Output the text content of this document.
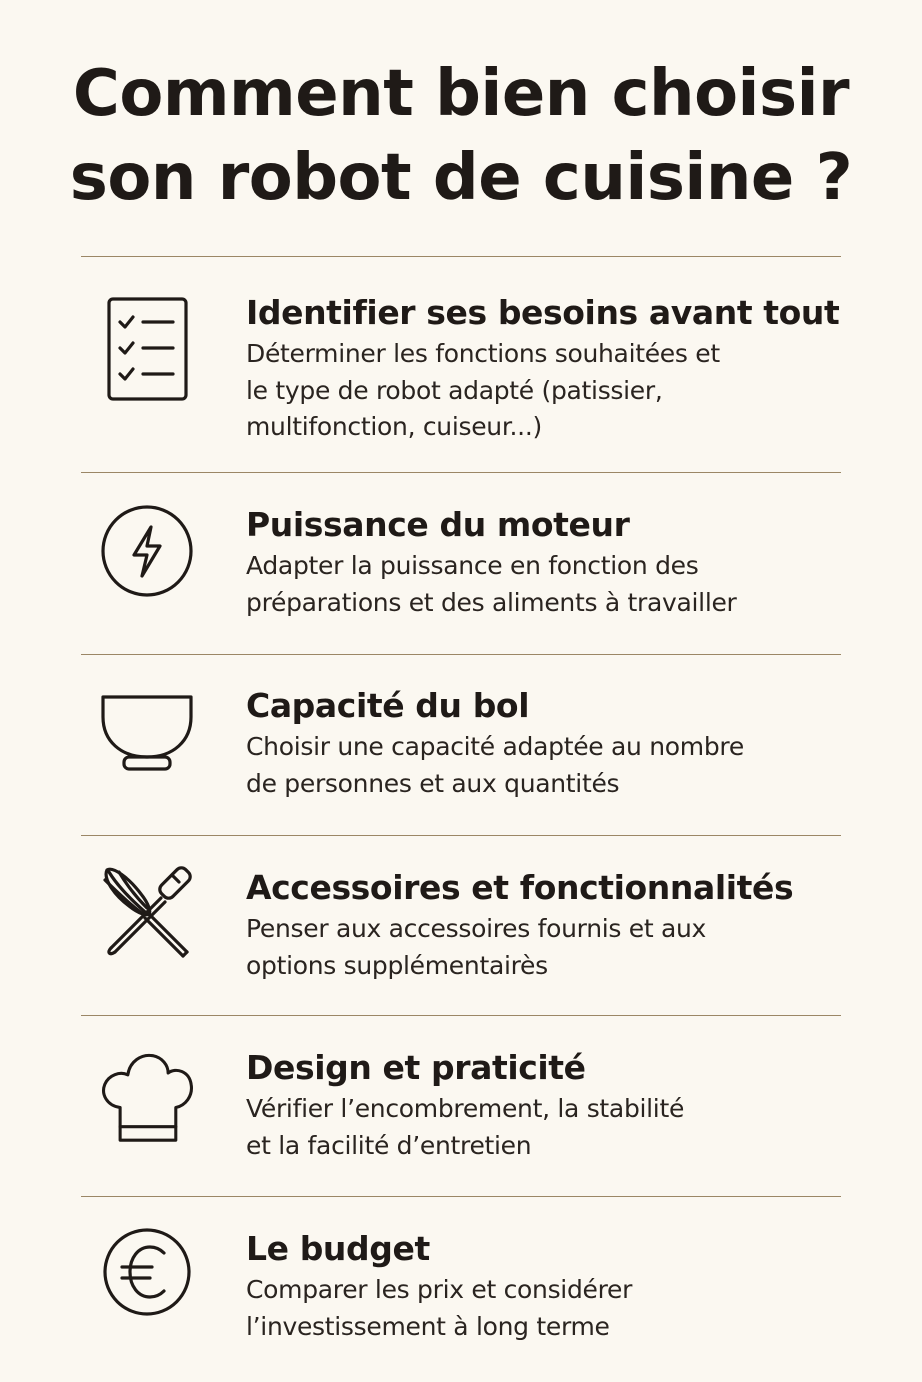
Comment bien choisir
son robot de cuisine ?

Identifier ses besoins avant tout

Déterminer les fonctions souhaitées et
le type de robot adapté (patissier,
multifonction, cuiseur...)

Puissance du moteur

Adapter la puissance en fonction des
préparations et des aliments à travailler

Capacité du bol

Choisir une capacité adaptée au nombre
de personnes et aux quantités

Accessoires et fonctionnalités

Penser aux accessoires fournis et aux
options supplémentairès

Design et praticité

Vérifier l’encombrement, la stabilité
et la facilité d’entretien

Le budget

Comparer les prix et considérer
l’investissement à long terme
